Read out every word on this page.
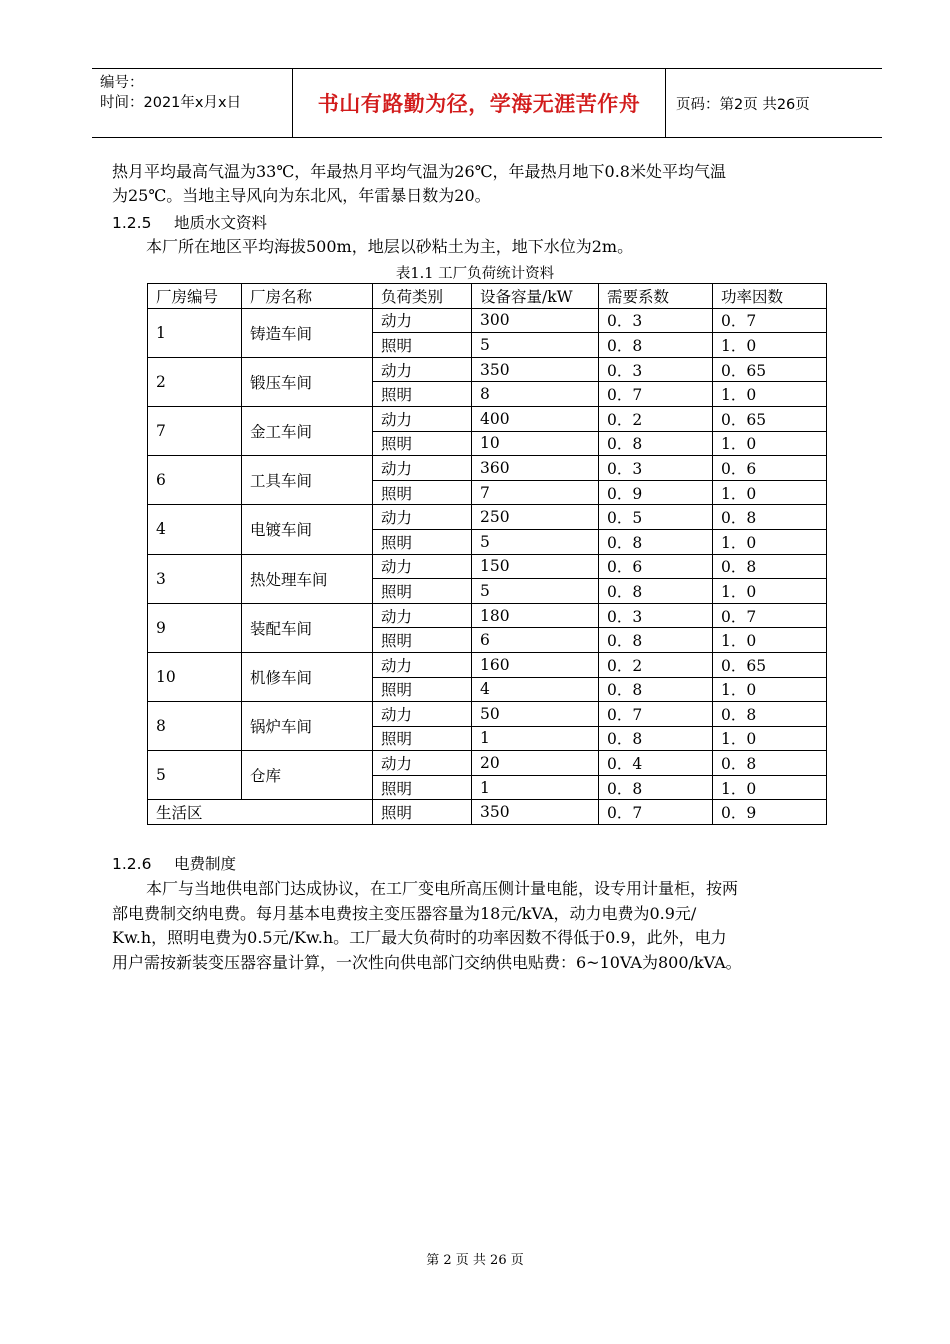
编号：
时间：2021年x月x日	书山有路勤为径，学海无涯苦作舟	页码：第2页 共26页
热月平均最高气温为33℃，年最热月平均气温为26℃，年最热月地下0.8米处平均气温
为25℃。当地主导风向为东北风，年雷暴日数为20。
1.2.5 地质水文资料
本厂所在地区平均海拔500m，地层以砂粘土为主，地下水位为2m。
表1.1 工厂负荷统计资料
厂房编号	厂房名称	负荷类别	设备容量/kW	需要系数	功率因数
1	铸造车间	动力	300	0．3	0．7
		照明	5	0．8	1．0
2	锻压车间	动力	350	0．3	0．65
		照明	8	0．7	1．0
7	金工车间	动力	400	0．2	0．65
		照明	10	0．8	1．0
6	工具车间	动力	360	0．3	0．6
		照明	7	0．9	1．0
4	电镀车间	动力	250	0．5	0．8
		照明	5	0．8	1．0
3	热处理车间	动力	150	0．6	0．8
		照明	5	0．8	1．0
9	装配车间	动力	180	0．3	0．7
		照明	6	0．8	1．0
10	机修车间	动力	160	0．2	0．65
		照明	4	0．8	1．0
8	锅炉车间	动力	50	0．7	0．8
		照明	1	0．8	1．0
5	仓库	动力	20	0．4	0．8
		照明	1	0．8	1．0
生活区		照明	350	0．7	0．9
1.2.6 电费制度
本厂与当地供电部门达成协议，在工厂变电所高压侧计量电能，设专用计量柜，按两
部电费制交纳电费。每月基本电费按主变压器容量为18元/kVA，动力电费为0.9元/
Kw.h，照明电费为0.5元/Kw.h。工厂最大负荷时的功率因数不得低于0.9，此外，电力
用户需按新装变压器容量计算，一次性向供电部门交纳供电贴费：6~10VA为800/kVA。
第 2 页 共 26 页
